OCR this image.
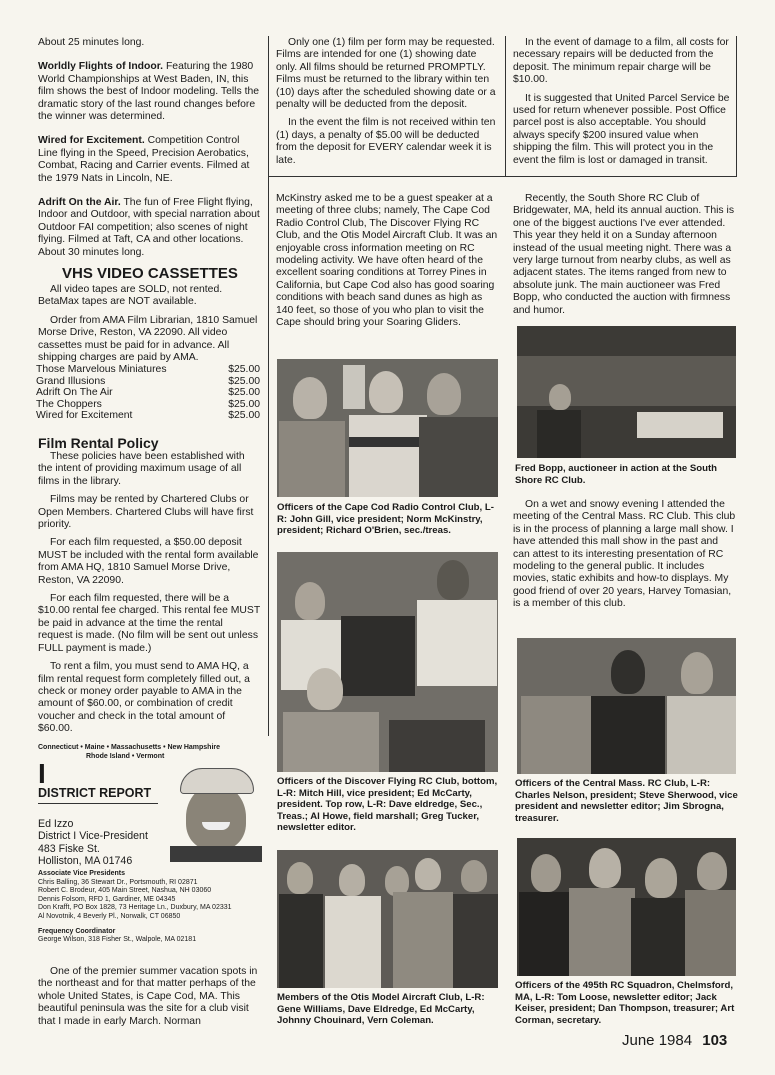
About 25 minutes long.

Worldly Flights of Indoor. Featuring the 1980 World Championships at West Baden, IN, this film shows the best of Indoor modeling. Tells the dramatic story of the last round changes before the winner was determined.

Wired for Excitement. Competition Control Line flying in the Speed, Precision Aerobatics, Combat, Racing and Carrier events. Filmed at the 1979 Nats in Lincoln, NE.

Adrift On the Air. The fun of Free Flight flying, Indoor and Outdoor, with special narration about Outdoor FAI competition; also scenes of night flying. Filmed at Taft, CA and other locations. About 30 minutes long.

VHS VIDEO CASSETTES

All video tapes are SOLD, not rented. BetaMax tapes are NOT available.

Order from AMA Film Librarian, 1810 Samuel Morse Drive, Reston, VA 22090. All video cassettes must be paid for in advance. All shipping charges are paid by AMA.

Those Marvelous Miniatures	$25.00
Grand Illusions	$25.00
Adrift On The Air	$25.00
The Choppers	$25.00
Wired for Excitement	$25.00
Film Rental Policy

These policies have been established with the intent of providing maximum usage of all films in the library.

Films may be rented by Chartered Clubs or Open Members. Chartered Clubs will have first priority.

For each film requested, a $50.00 deposit MUST be included with the rental form available from AMA HQ, 1810 Samuel Morse Drive, Reston, VA 22090.

For each film requested, there will be a $10.00 rental fee charged. This rental fee MUST be paid in advance at the time the rental request is made. (No film will be sent out unless FULL payment is made.)

To rent a film, you must send to AMA HQ, a film rental request form completely filled out, a check or money order payable to AMA in the amount of $60.00, or combination of credit voucher and check in the total amount of $60.00.

Connecticut • Maine • Massachusetts • New Hampshire
Rhode Island • Vermont
I
DISTRICT REPORT
Ed Izzo
District I Vice-President
483 Fiske St.
Holliston, MA 01746
Associate Vice Presidents
Chris Balling, 36 Stewart Dr., Portsmouth, RI 02871
Robert C. Brodeur, 405 Main Street, Nashua, NH 03060
Dennis Folsom, RFD 1, Gardiner, ME 04345
Don Krafft, PO Box 1828, 73 Heritage Ln., Duxbury, MA 02331
Al Novotnik, 4 Beverly Pl., Norwalk, CT 06850
Frequency Coordinator
George Wilson, 318 Fisher St., Walpole, MA 02181

One of the premier summer vacation spots in the northeast and for that matter perhaps of the whole United States, is Cape Cod, MA. This beautiful peninsula was the site for a club visit that I made in early March. Norman

Only one (1) film per form may be requested. Films are intended for one (1) showing date only. All films should be returned PROMPTLY. Films must be returned to the library within ten (10) days after the scheduled showing date or a penalty will be deducted from the deposit.

In the event the film is not received within ten (1) days, a penalty of $5.00 will be deducted from the deposit for EVERY calendar week it is late.

In the event of damage to a film, all costs for necessary repairs will be deducted from the deposit. The minimum repair charge will be $10.00.

It is suggested that United Parcel Service be used for return whenever possible. Post Office parcel post is also acceptable. You should always specify $200 insured value when shipping the film. This will protect you in the event the film is lost or damaged in transit.

McKinstry asked me to be a guest speaker at a meeting of three clubs; namely, The Cape Cod Radio Control Club, The Discover Flying RC Club, and the Otis Model Aircraft Club. It was an enjoyable cross information meeting on RC modeling activity. We have often heard of the excellent soaring conditions at Torrey Pines in California, but Cape Cod also has good soaring conditions with beach sand dunes as high as 140 feet, so those of you who plan to visit the Cape should bring your Soaring Gliders.

Officers of the Cape Cod Radio Control Club, L-R: John Gill, vice president; Norm McKinstry, president; Richard O'Brien, sec./treas.
Officers of the Discover Flying RC Club, bottom, L-R: Mitch Hill, vice president; Ed McCarty, president. Top row, L-R: Dave eldredge, Sec., Treas.; Al Howe, field marshall; Greg Tucker, newsletter editor.
Members of the Otis Model Aircraft Club, L-R: Gene Williams, Dave Eldredge, Ed McCarty, Johnny Chouinard, Vern Coleman.

Recently, the South Shore RC Club of Bridgewater, MA, held its annual auction. This is one of the biggest auctions I've ever attended. This year they held it on a Sunday afternoon instead of the usual meeting night. There was a very large turnout from nearby clubs, as well as adjacent states. The items ranged from new to absolute junk. The main auctioneer was Fred Bopp, who conducted the auction with firmness and humor.

Fred Bopp, auctioneer in action at the South Shore RC Club.

On a wet and snowy evening I attended the meeting of the Central Mass. RC Club. This club is in the process of planning a large mall show. I have attended this mall show in the past and can attest to its interesting presentation of RC modeling to the general public. It includes movies, static exhibits and how-to displays. My good friend of over 20 years, Harvey Tomasian, is a member of this club.

Officers of the Central Mass. RC Club, L-R: Charles Nelson, president; Steve Sherwood, vice president and newsletter editor; Jim Sbrogna, treasurer.
Officers of the 495th RC Squadron, Chelmsford, MA, L-R: Tom Loose, newsletter editor; Jack Keiser, president; Dan Thompson, treasurer; Art Corman, secretary.
June 1984 103
